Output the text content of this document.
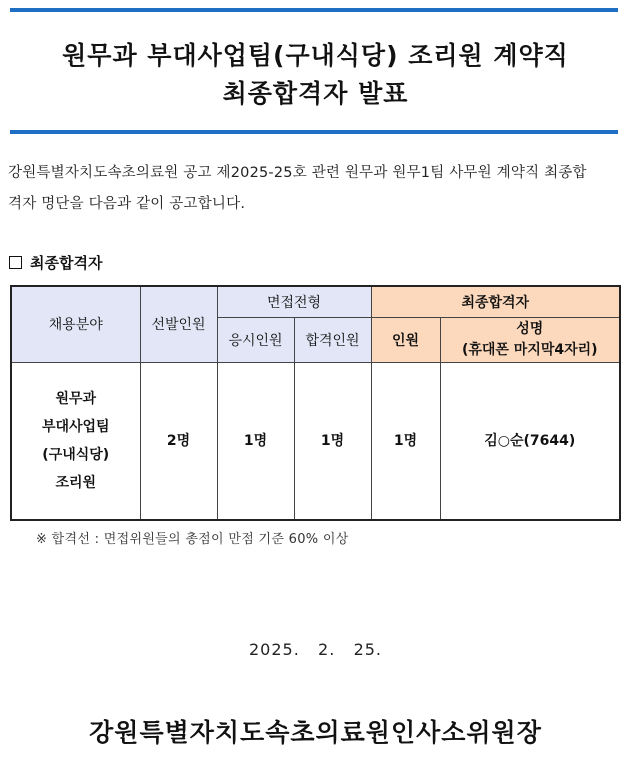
원무과 부대사업팀(구내식당) 조리원 계약직
최종합격자 발표
강원특별자치도속초의료원 공고 제2025-25호 관련 원무과 원무1팀 사무원 계약직 최종합
격자 명단을 다음과 같이 공고합니다.
최종합격자
채용분야	선발인원	면접전형		최종합격자	
		응시인원	합격인원	인원	성명
(휴대폰 마지막4자리)

원무과
부대사업팀
(구내식당)
조리원	2명	1명	1명	1명	김○순(7644)
※ 합격선 : 면접위원들의 총점이 만점 기준 60% 이상
2025.   2.   25.
강원특별자치도속초의료원인사소위원장
